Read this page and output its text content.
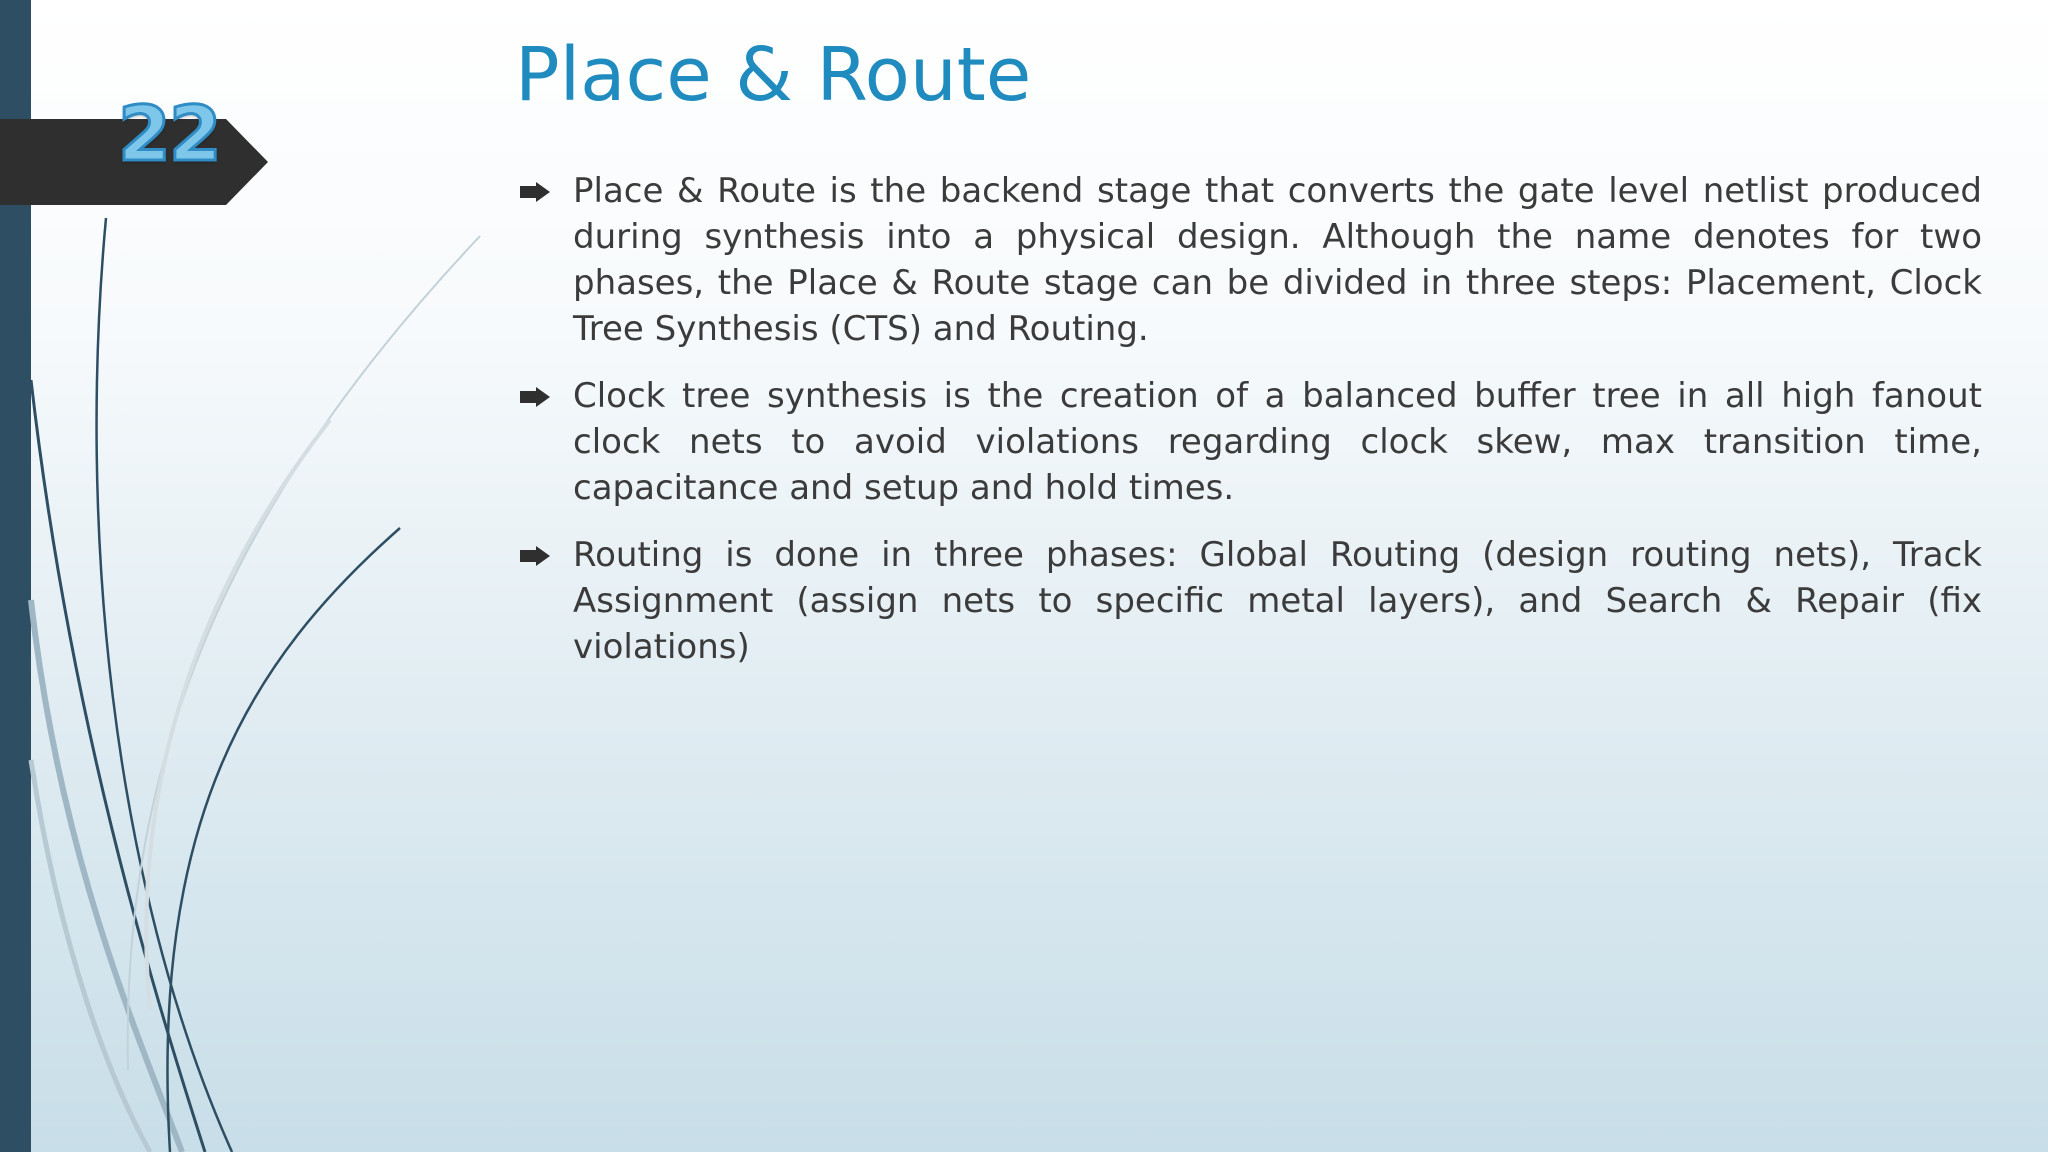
22
Place & Route

Place & Route is the backend stage that converts the gate level netlist produced during synthesis into a physical design. Although the name denotes for two phases, the Place & Route stage can be divided in three steps: Placement, Clock Tree Synthesis (CTS) and Routing.

Clock tree synthesis is the creation of a balanced buffer tree in all high fanout clock nets to avoid violations regarding clock skew, max transition time, capacitance and setup and hold times.

Routing is done in three phases: Global Routing (design routing nets), Track Assignment (assign nets to specific metal layers), and Search & Repair (fix violations)
